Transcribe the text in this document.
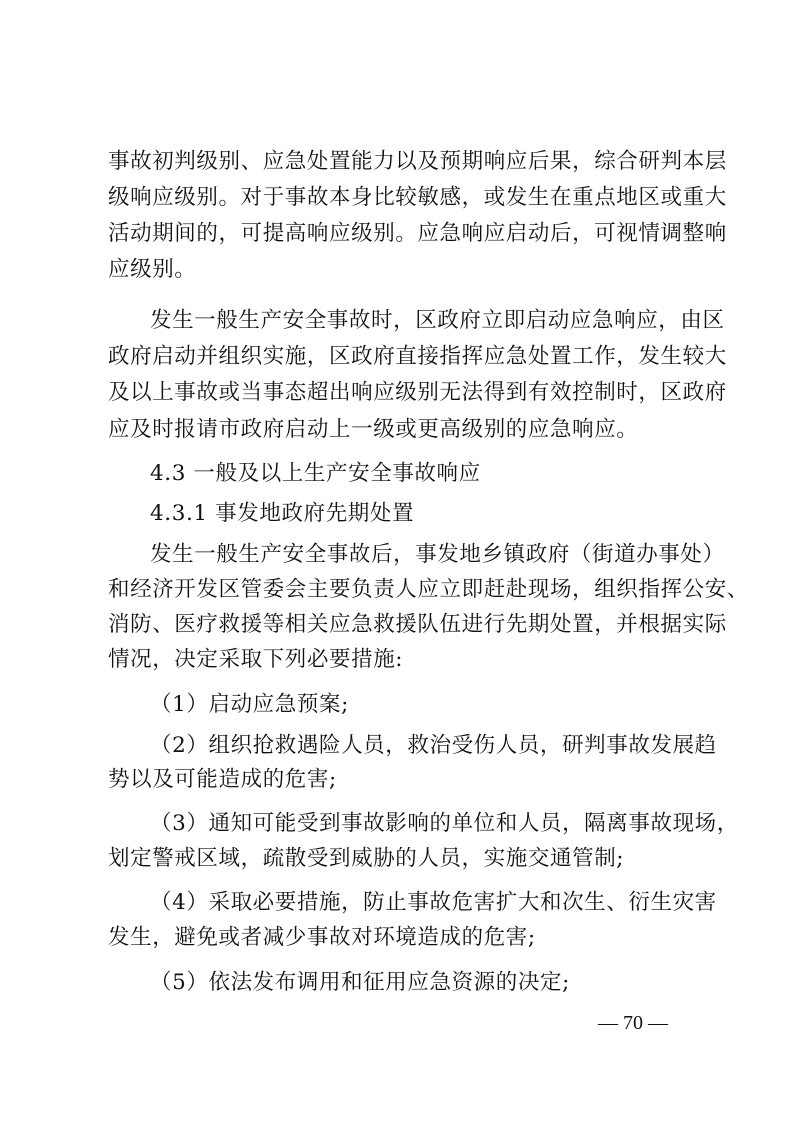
事故初判级别、应急处置能力以及预期响应后果，综合研判本层
级响应级别。对于事故本身比较敏感，或发生在重点地区或重大
活动期间的，可提高响应级别。应急响应启动后，可视情调整响
应级别。
发生一般生产安全事故时，区政府立即启动应急响应，由区
政府启动并组织实施，区政府直接指挥应急处置工作，发生较大
及以上事故或当事态超出响应级别无法得到有效控制时，区政府
应及时报请市政府启动上一级或更高级别的应急响应。
4.3 一般及以上生产安全事故响应
4.3.1 事发地政府先期处置
发生一般生产安全事故后，事发地乡镇政府（街道办事处）
和经济开发区管委会主要负责人应立即赶赴现场，组织指挥公安、
消防、医疗救援等相关应急救援队伍进行先期处置，并根据实际
情况，决定采取下列必要措施:
（1）启动应急预案;
（2）组织抢救遇险人员，救治受伤人员，研判事故发展趋
势以及可能造成的危害;
（3）通知可能受到事故影响的单位和人员，隔离事故现场，
划定警戒区域，疏散受到威胁的人员，实施交通管制;
（4）采取必要措施，防止事故危害扩大和次生、衍生灾害
发生，避免或者减少事故对环境造成的危害;
（5）依法发布调用和征用应急资源的决定;
— 70 —
